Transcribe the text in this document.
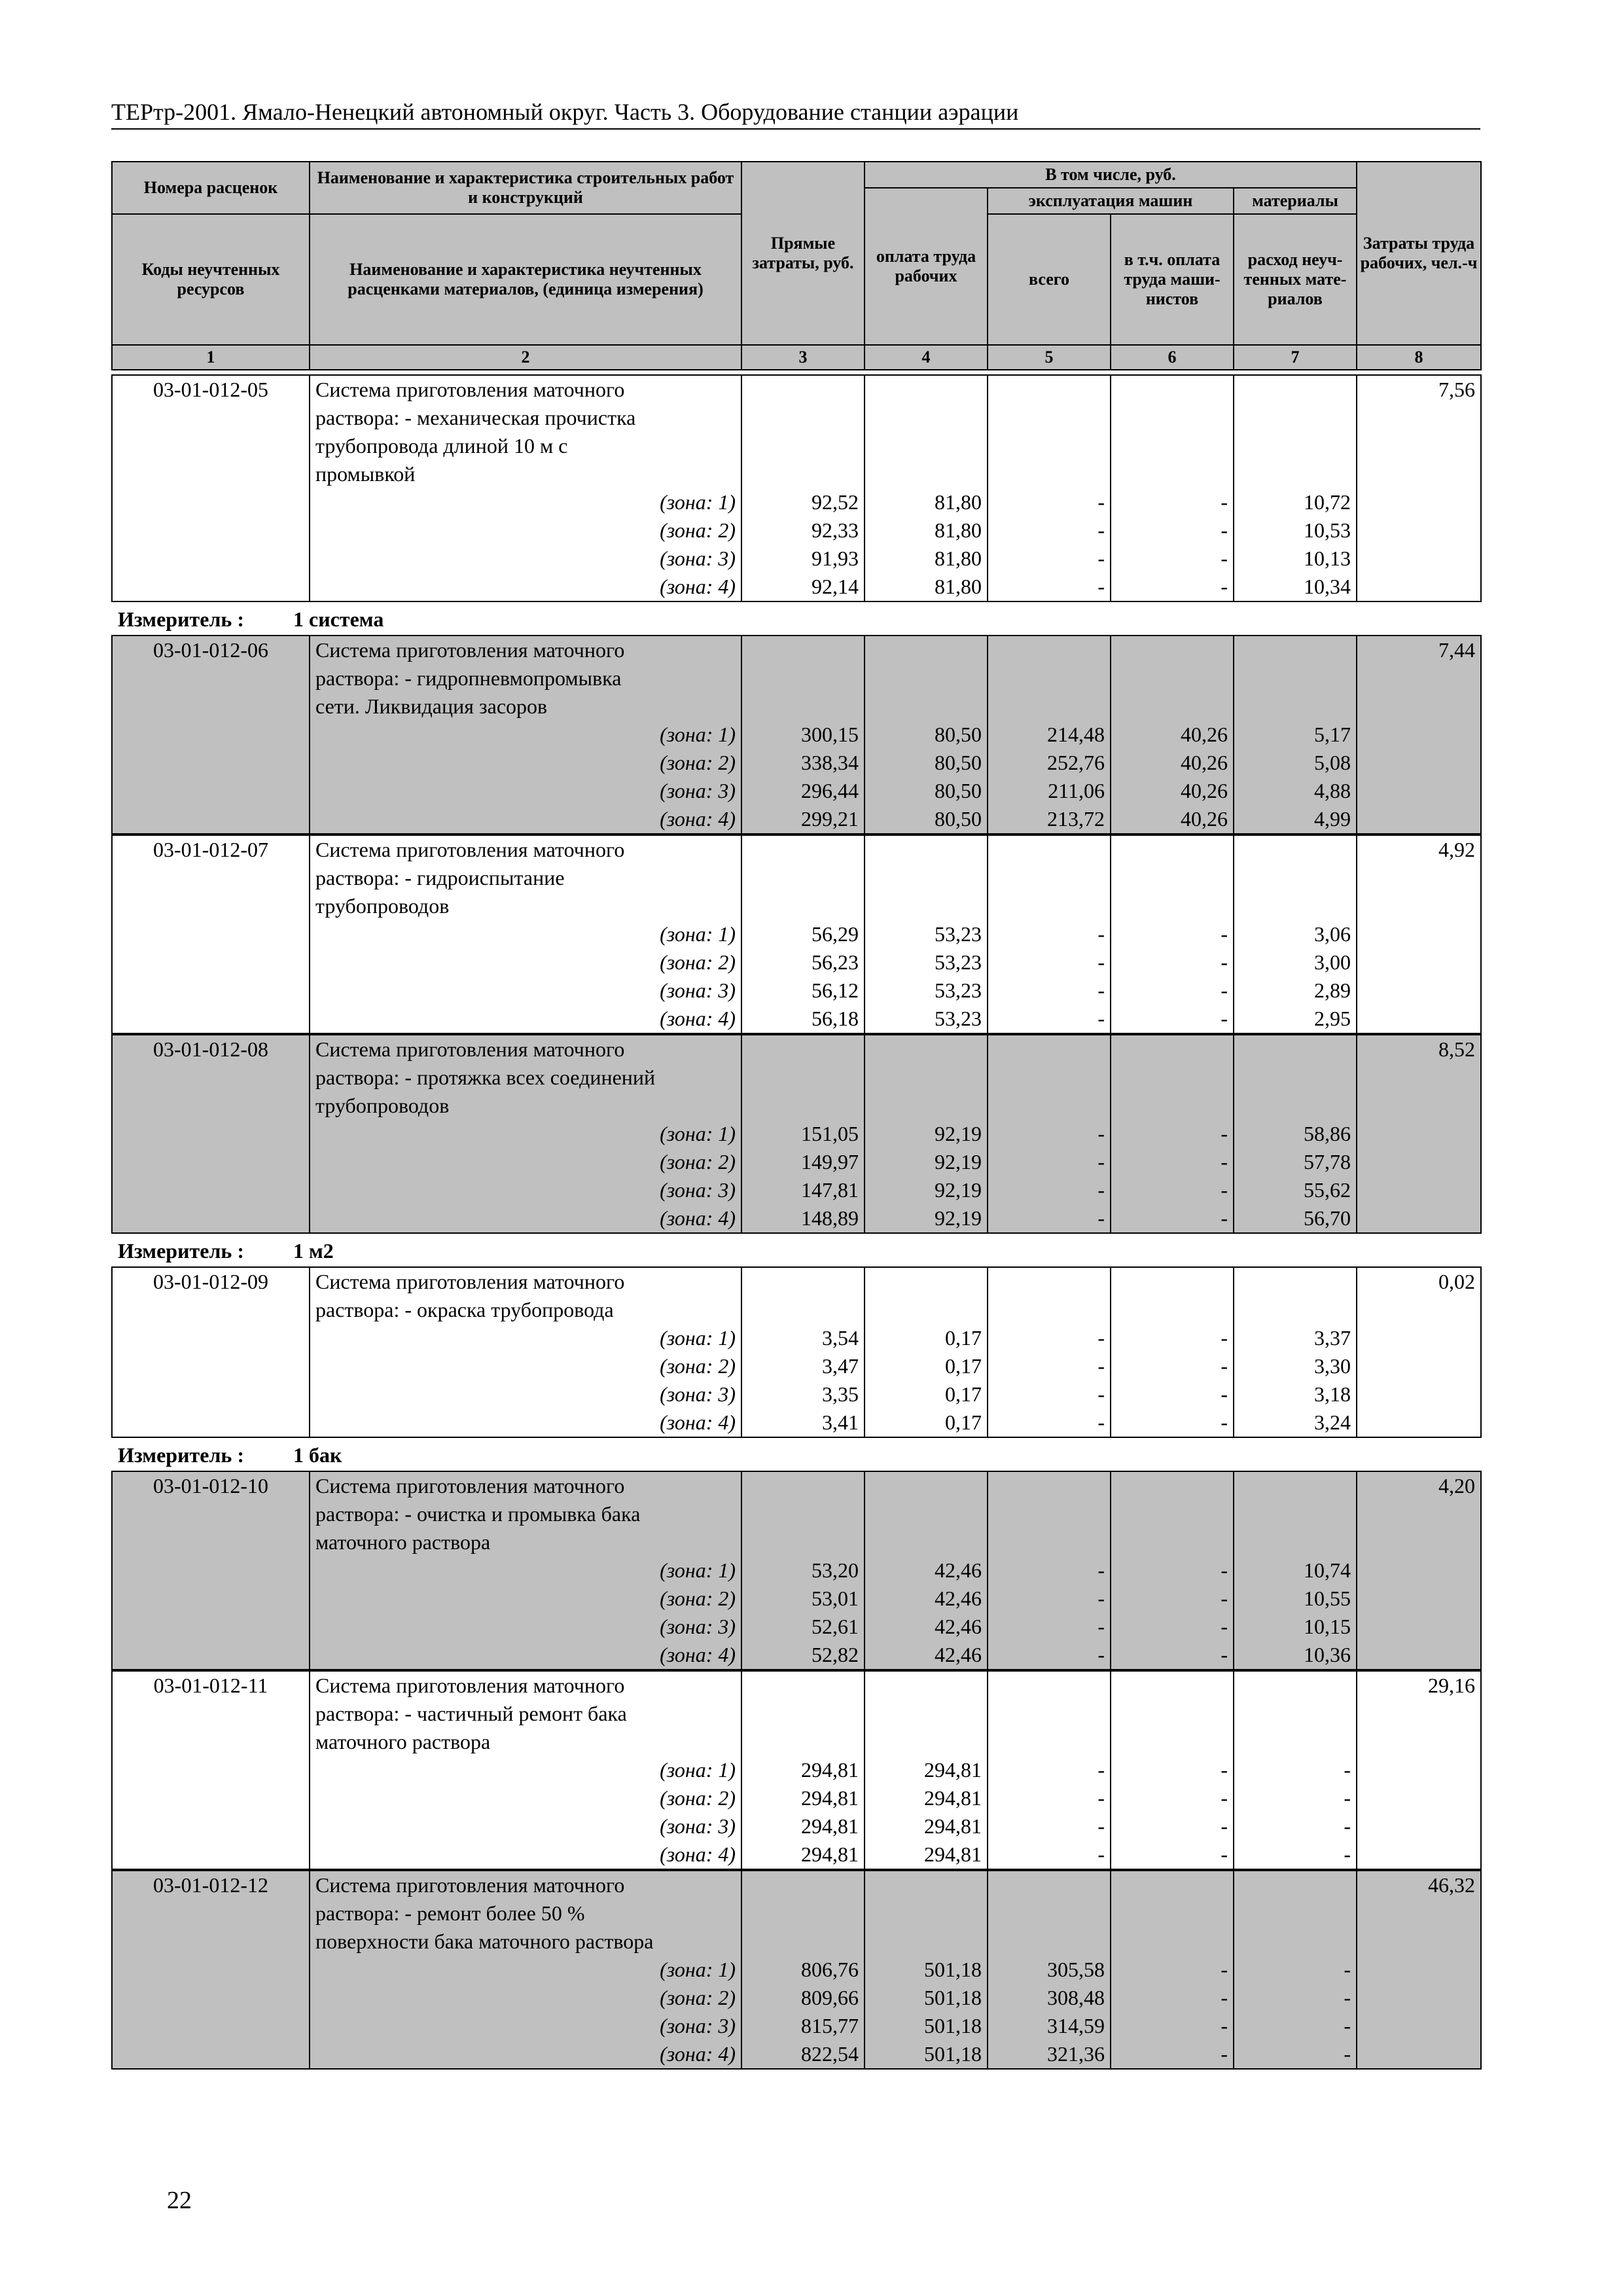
ТЕРтр-2001. Ямало-Ненецкий автономный округ. Часть 3. Оборудование станции аэрации
Номера расценок	Наименование и характеристика строительных работ и конструкций	Прямые затраты, руб.	В том числе, руб.				Затраты труда рабочих, чел.-ч
			оплата труда рабочих	эксплуатация машин		материалы	
Коды неучтенных ресурсов	Наименование и характеристика неучтенных расценками материалов, (единица измерения)			всего	в т.ч. оплата труда маши-нистов	расход неуч-тенных мате-риалов	

1	2	3	4	5	6	7	8
03-01-012-05	Система приготовления маточного						7,56
	раствора: - механическая прочистка						
	трубопровода длиной 10 м с						
	промывкой						
	(зона: 1)	92,52	81,80	-	-	10,72	
	(зона: 2)	92,33	81,80	-	-	10,53	
	(зона: 3)	91,93	81,80	-	-	10,13	
	(зона: 4)	92,14	81,80	-	-	10,34	
Измеритель : 1 система
03-01-012-06	Система приготовления маточного						7,44
	раствора: - гидропневмопромывка						
	сети. Ликвидация засоров						
	(зона: 1)	300,15	80,50	214,48	40,26	5,17	
	(зона: 2)	338,34	80,50	252,76	40,26	5,08	
	(зона: 3)	296,44	80,50	211,06	40,26	4,88	
	(зона: 4)	299,21	80,50	213,72	40,26	4,99	
03-01-012-07	Система приготовления маточного						4,92
	раствора: - гидроиспытание						
	трубопроводов						
	(зона: 1)	56,29	53,23	-	-	3,06	
	(зона: 2)	56,23	53,23	-	-	3,00	
	(зона: 3)	56,12	53,23	-	-	2,89	
	(зона: 4)	56,18	53,23	-	-	2,95	
03-01-012-08	Система приготовления маточного						8,52
	раствора: - протяжка всех соединений						
	трубопроводов						
	(зона: 1)	151,05	92,19	-	-	58,86	
	(зона: 2)	149,97	92,19	-	-	57,78	
	(зона: 3)	147,81	92,19	-	-	55,62	
	(зона: 4)	148,89	92,19	-	-	56,70	
Измеритель : 1 м2
03-01-012-09	Система приготовления маточного						0,02
	раствора: - окраска трубопровода						
	(зона: 1)	3,54	0,17	-	-	3,37	
	(зона: 2)	3,47	0,17	-	-	3,30	
	(зона: 3)	3,35	0,17	-	-	3,18	
	(зона: 4)	3,41	0,17	-	-	3,24	
Измеритель : 1 бак
03-01-012-10	Система приготовления маточного						4,20
	раствора: - очистка и промывка бака						
	маточного раствора						
	(зона: 1)	53,20	42,46	-	-	10,74	
	(зона: 2)	53,01	42,46	-	-	10,55	
	(зона: 3)	52,61	42,46	-	-	10,15	
	(зона: 4)	52,82	42,46	-	-	10,36	
03-01-012-11	Система приготовления маточного						29,16
	раствора: - частичный ремонт бака						
	маточного раствора						
	(зона: 1)	294,81	294,81	-	-	-	
	(зона: 2)	294,81	294,81	-	-	-	
	(зона: 3)	294,81	294,81	-	-	-	
	(зона: 4)	294,81	294,81	-	-	-	
03-01-012-12	Система приготовления маточного						46,32
	раствора: - ремонт более 50 %						
	поверхности бака маточного раствора						
	(зона: 1)	806,76	501,18	305,58	-	-	
	(зона: 2)	809,66	501,18	308,48	-	-	
	(зона: 3)	815,77	501,18	314,59	-	-	
	(зона: 4)	822,54	501,18	321,36	-	-	
22
